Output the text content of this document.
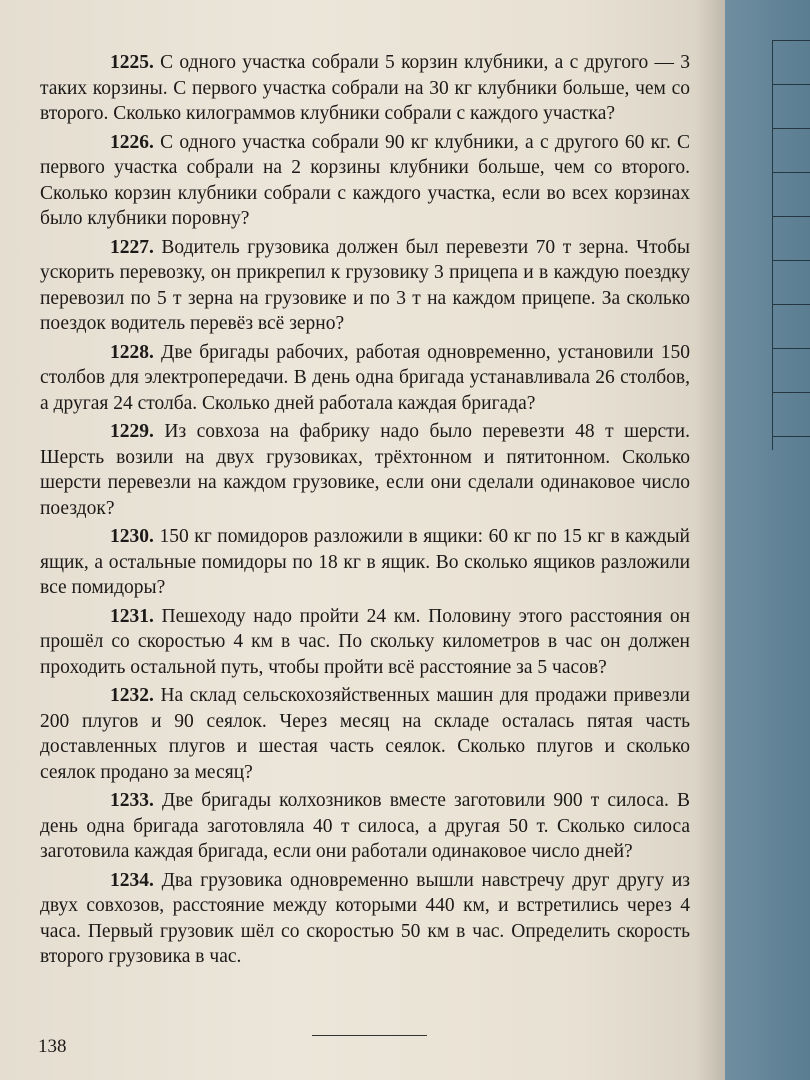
1225. С одного участка собрали 5 корзин клубники, а с другого — 3 таких корзины. С первого участка собрали на 30 кг клубники больше, чем со второго. Сколько килограммов клубники собрали с каждого участка?

1226. С одного участка собрали 90 кг клубники, а с другого 60 кг. С первого участка собрали на 2 корзины клубники больше, чем со второго. Сколько корзин клубники собрали с каждого участка, если во всех корзинах было клубники поровну?

1227. Водитель грузовика должен был перевезти 70 т зерна. Чтобы ускорить перевозку, он прикрепил к грузовику 3 прицепа и в каждую поездку перевозил по 5 т зерна на грузовике и по 3 т на каждом прицепе. За сколько поездок водитель перевёз всё зерно?

1228. Две бригады рабочих, работая одновременно, установили 150 столбов для электропередачи. В день одна бригада устанавливала 26 столбов, а другая 24 столба. Сколько дней работала каждая бригада?

1229. Из совхоза на фабрику надо было перевезти 48 т шерсти. Шерсть возили на двух грузовиках, трёхтонном и пятитонном. Сколько шерсти перевезли на каждом грузовике, если они сделали одинаковое число поездок?

1230. 150 кг помидоров разложили в ящики: 60 кг по 15 кг в каждый ящик, а остальные помидоры по 18 кг в ящик. Во сколько ящиков разложили все помидоры?

1231. Пешеходу надо пройти 24 км. Половину этого расстояния он прошёл со скоростью 4 км в час. По скольку километров в час он должен проходить остальной путь, чтобы пройти всё расстояние за 5 часов?

1232. На склад сельскохозяйственных машин для продажи привезли 200 плугов и 90 сеялок. Через месяц на складе осталась пятая часть доставленных плугов и шестая часть сеялок. Сколько плугов и сколько сеялок продано за месяц?

1233. Две бригады колхозников вместе заготовили 900 т силоса. В день одна бригада заготовляла 40 т силоса, а другая 50 т. Сколько силоса заготовила каждая бригада, если они работали одинаковое число дней?

1234. Два грузовика одновременно вышли навстречу друг другу из двух совхозов, расстояние между которыми 440 км, и встретились через 4 часа. Первый грузовик шёл со скоростью 50 км в час. Определить скорость второго грузовика в час.

138
